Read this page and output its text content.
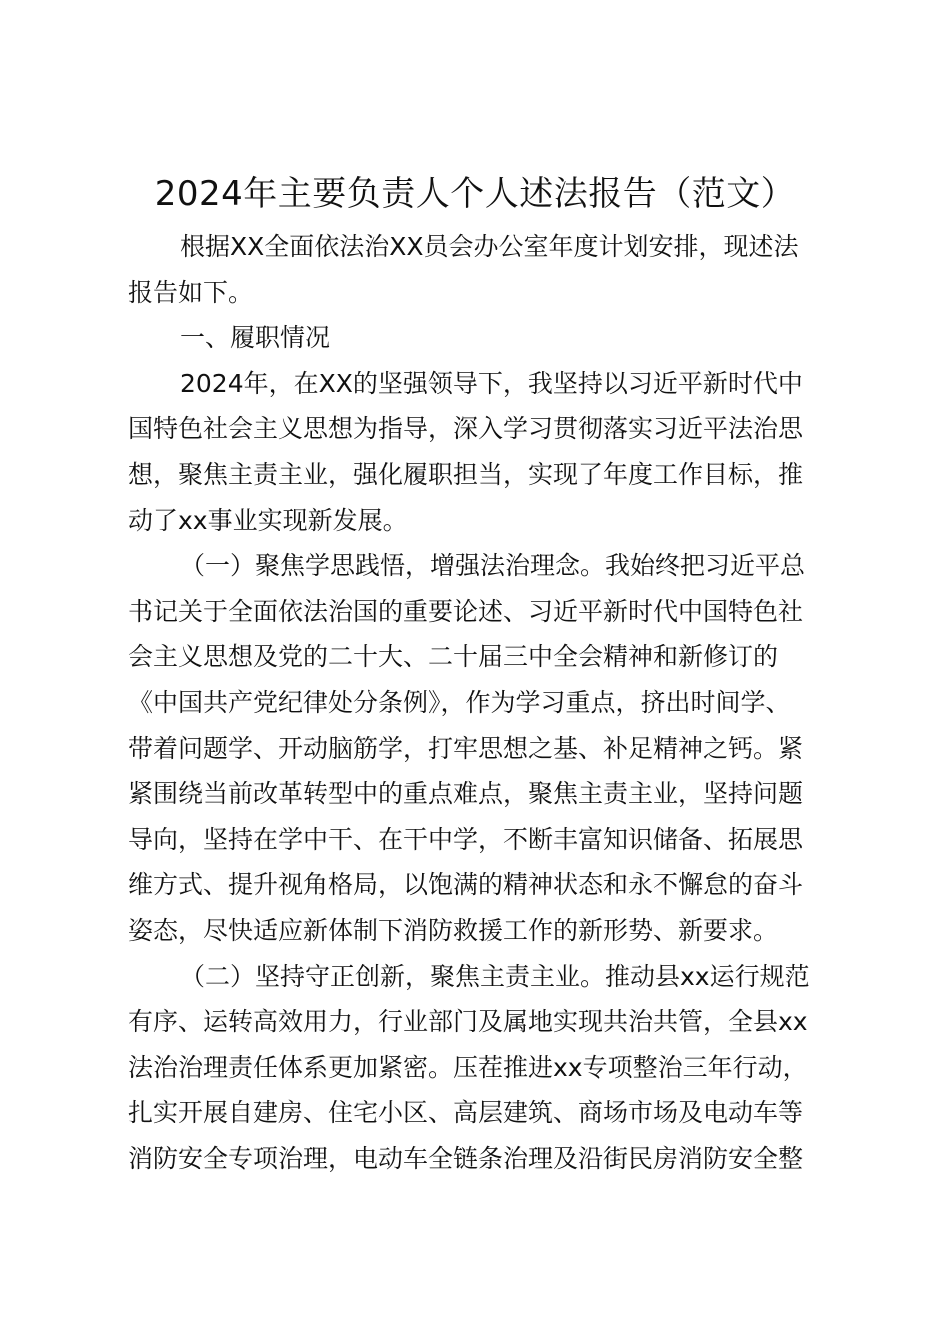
2024年主要负责人个人述法报告（范文）
根据XX全面依法治XX员会办公室年度计划安排，现述法
报告如下。
一、履职情况
2024年，在XX的坚强领导下，我坚持以习近平新时代中
国特色社会主义思想为指导，深入学习贯彻落实习近平法治思
想，聚焦主责主业，强化履职担当，实现了年度工作目标，推
动了xx事业实现新发展。
（一）聚焦学思践悟，增强法治理念。我始终把习近平总
书记关于全面依法治国的重要论述、习近平新时代中国特色社
会主义思想及党的二十大、二十届三中全会精神和新修订的
《中国共产党纪律处分条例》，作为学习重点，挤出时间学、
带着问题学、开动脑筋学，打牢思想之基、补足精神之钙。紧
紧围绕当前改革转型中的重点难点，聚焦主责主业，坚持问题
导向，坚持在学中干、在干中学，不断丰富知识储备、拓展思
维方式、提升视角格局，以饱满的精神状态和永不懈怠的奋斗
姿态，尽快适应新体制下消防救援工作的新形势、新要求。
（二）坚持守正创新，聚焦主责主业。推动县xx运行规范
有序、运转高效用力，行业部门及属地实现共治共管，全县xx
法治治理责任体系更加紧密。压茬推进xx专项整治三年行动，
扎实开展自建房、住宅小区、高层建筑、商场市场及电动车等
消防安全专项治理，电动车全链条治理及沿街民房消防安全整
